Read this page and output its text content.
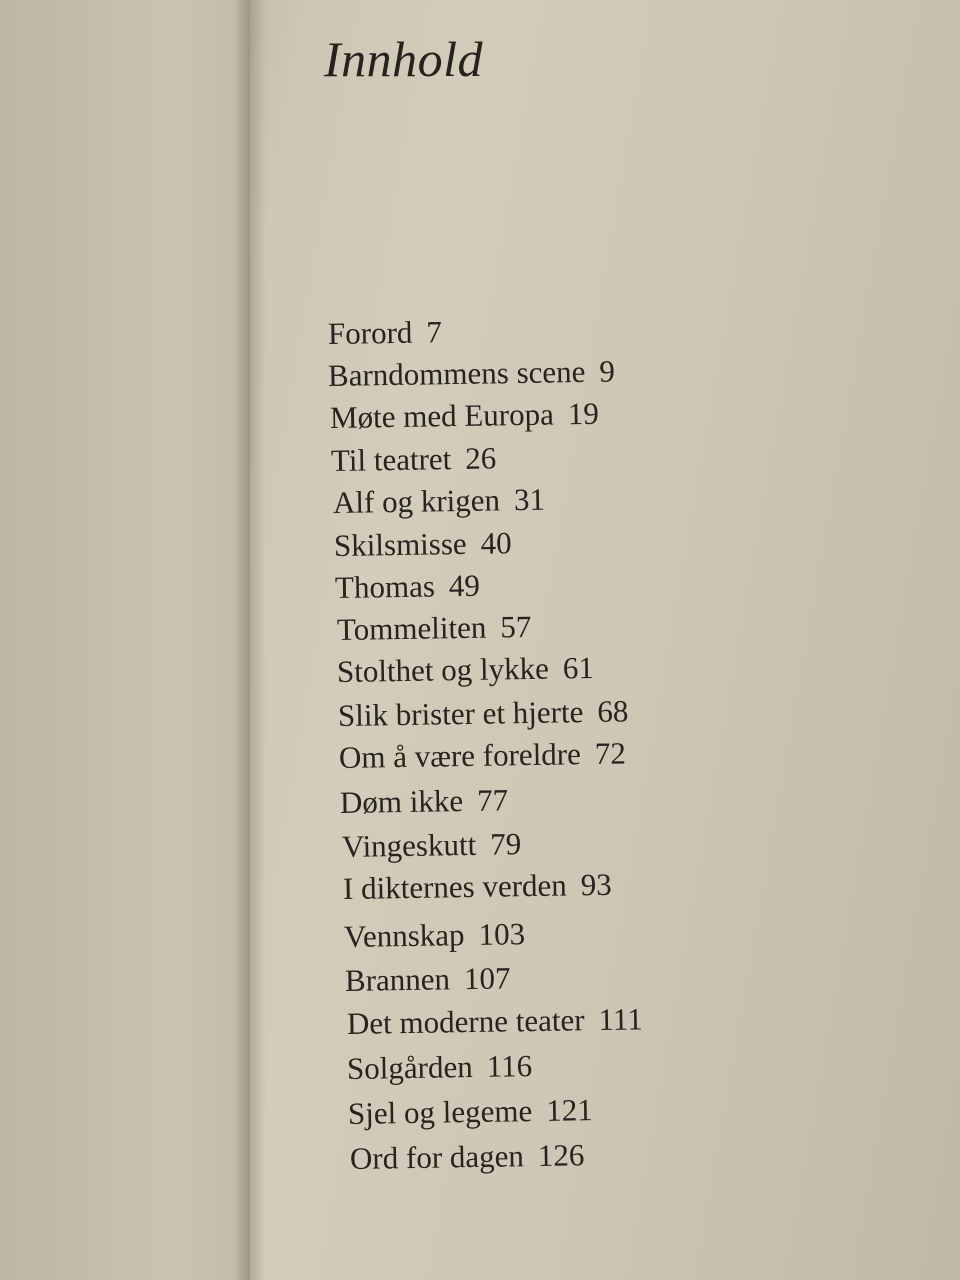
Innhold
Forord 7
Barndommens scene 9
Møte med Europa 19
Til teatret 26
Alf og krigen 31
Skilsmisse 40
Thomas 49
Tommeliten 57
Stolthet og lykke 61
Slik brister et hjerte 68
Om å være foreldre 72
Døm ikke 77
Vingeskutt 79
I dikternes verden 93
Vennskap 103
Brannen 107
Det moderne teater 111
Solgården 116
Sjel og legeme 121
Ord for dagen 126
